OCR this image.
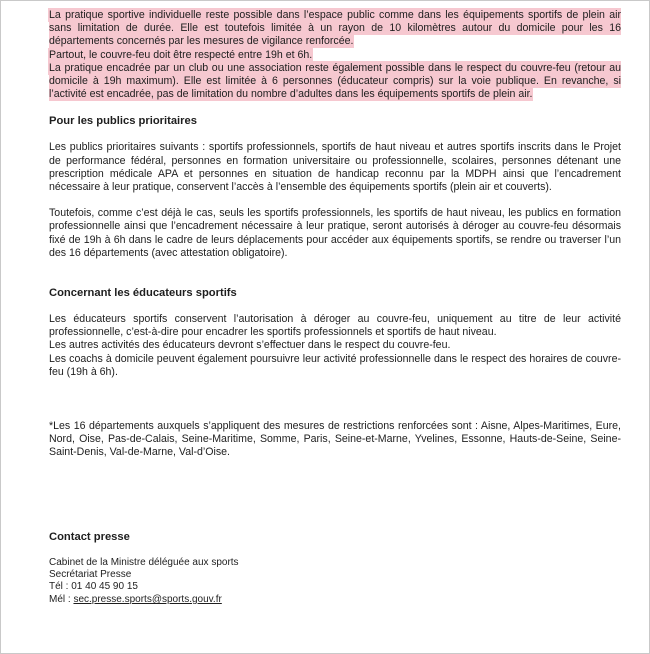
La pratique sportive individuelle reste possible dans l’espace public comme dans les équipements sportifs de plein air sans limitation de durée. Elle est toutefois limitée à un rayon de 10 kilomètres autour du domicile pour les 16 départements concernés par les mesures de vigilance renforcée.

Partout, le couvre-feu doit être respecté entre 19h et 6h.

La pratique encadrée par un club ou une association reste également possible dans le respect du couvre-feu (retour au domicile à 19h maximum). Elle est limitée à 6 personnes (éducateur compris) sur la voie publique. En revanche, si l’activité est encadrée, pas de limitation du nombre d’adultes dans les équipements sportifs de plein air.

Pour les publics prioritaires

Les publics prioritaires suivants : sportifs professionnels, sportifs de haut niveau et autres sportifs inscrits dans le Projet de performance fédéral, personnes en formation universitaire ou professionnelle, scolaires, personnes détenant une prescription médicale APA et personnes en situation de handicap reconnu par la MDPH ainsi que l’encadrement nécessaire à leur pratique, conservent l’accès à l’ensemble des équipements sportifs (plein air et couverts).

Toutefois, comme c’est déjà le cas, seuls les sportifs professionnels, les sportifs de haut niveau, les publics en formation professionnelle ainsi que l’encadrement nécessaire à leur pratique, seront autorisés à déroger au couvre-feu désormais fixé de 19h à 6h dans le cadre de leurs déplacements pour accéder aux équipements sportifs, se rendre ou traverser l’un des 16 départements (avec attestation obligatoire).

Concernant les éducateurs sportifs

Les éducateurs sportifs conservent l’autorisation à déroger au couvre-feu, uniquement au titre de leur activité professionnelle, c’est-à-dire pour encadrer les sportifs professionnels et sportifs de haut niveau.

Les autres activités des éducateurs devront s’effectuer dans le respect du couvre-feu.

Les coachs à domicile peuvent également poursuivre leur activité professionnelle dans le respect des horaires de couvre-feu (19h à 6h).

*Les 16 départements auxquels s’appliquent des mesures de restrictions renforcées sont : Aisne, Alpes-Maritimes, Eure, Nord, Oise, Pas-de-Calais, Seine-Maritime, Somme, Paris, Seine-et-Marne, Yvelines, Essonne, Hauts-de-Seine, Seine-Saint-Denis, Val-de-Marne, Val-d’Oise.

Contact presse
Cabinet de la Ministre déléguée aux sports
Secrétariat Presse
Tél : 01 40 45 90 15
Mél : sec.presse.sports@sports.gouv.fr
